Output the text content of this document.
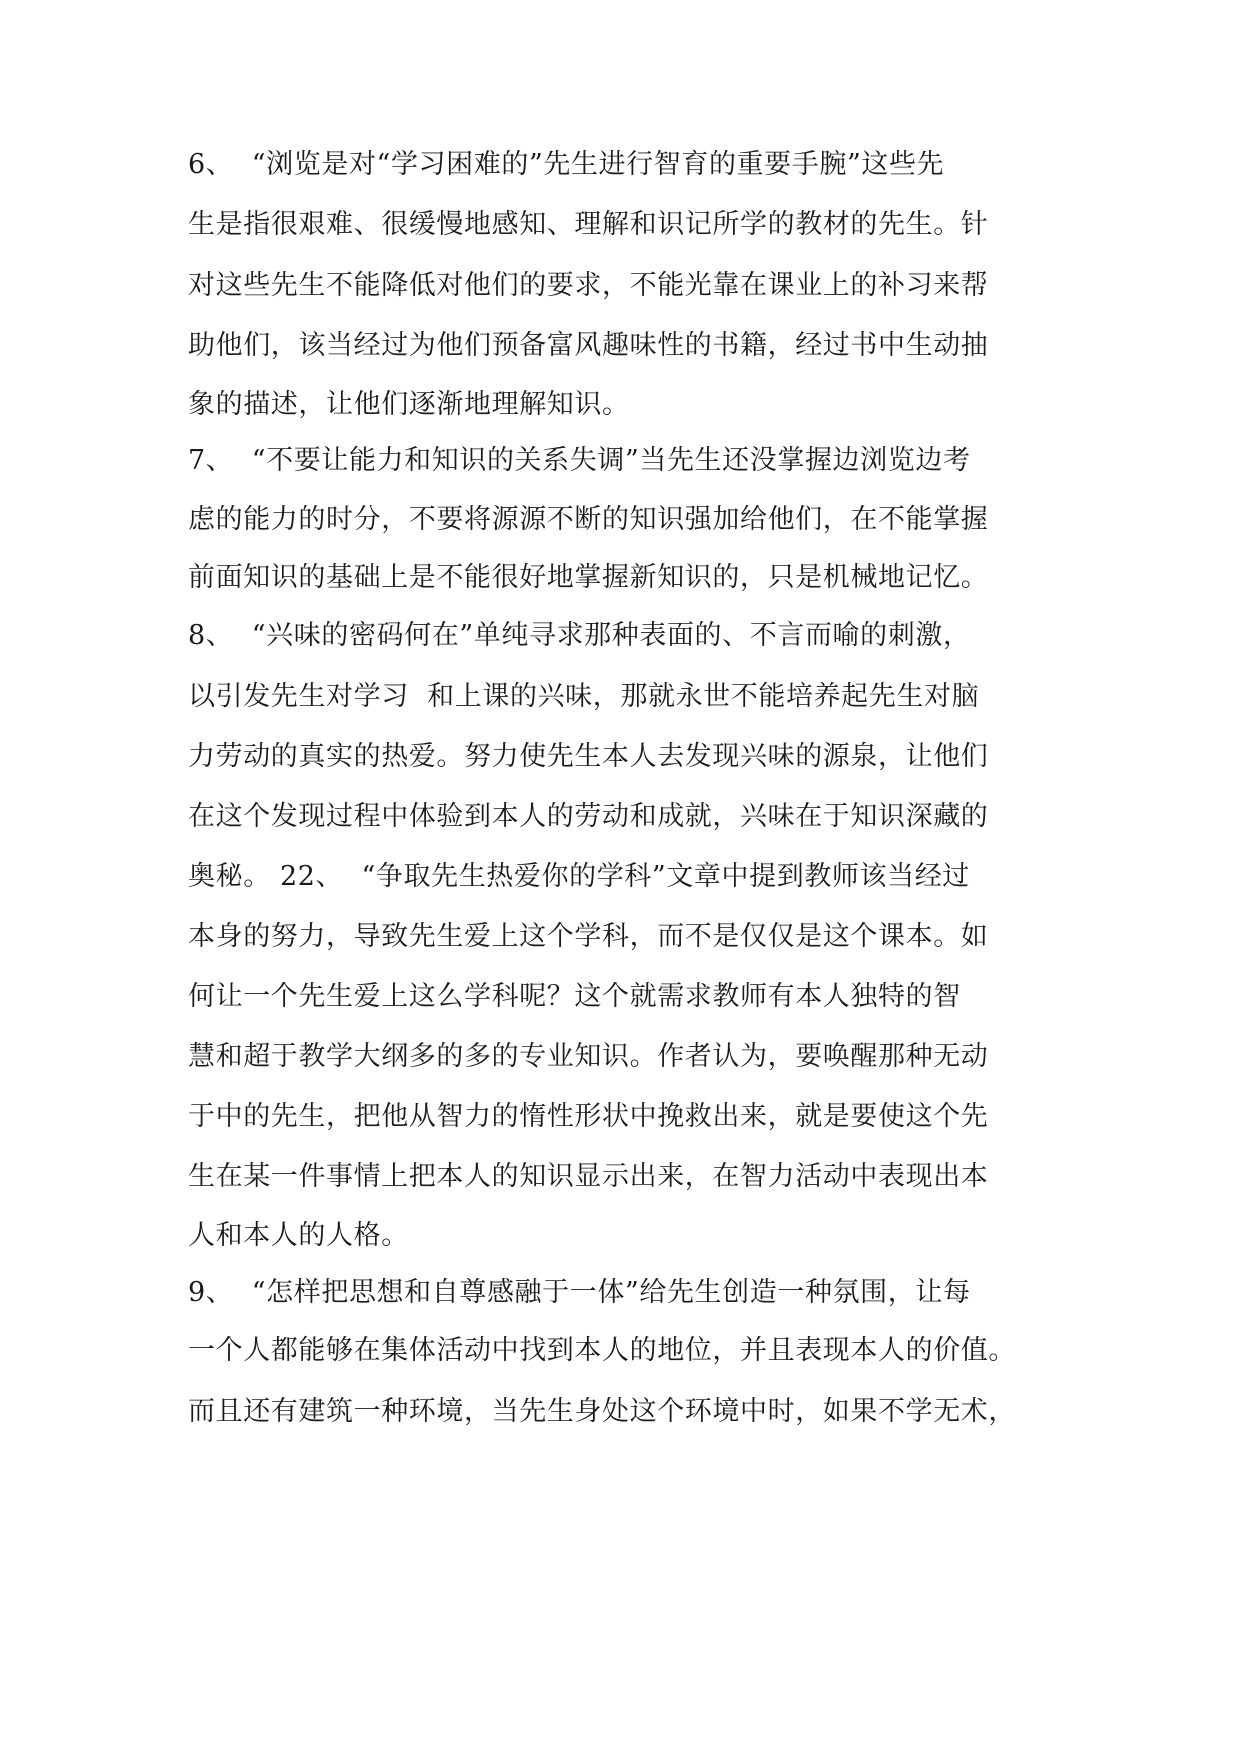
6、  “浏览是对“学习困难的”先生进行智育的重要手腕”这些先
生是指很艰难、很缓慢地感知、理解和识记所学的教材的先生。针
对这些先生不能降低对他们的要求，不能光靠在课业上的补习来帮
助他们，该当经过为他们预备富风趣味性的书籍，经过书中生动抽
象的描述，让他们逐渐地理解知识。
7、  “不要让能力和知识的关系失调”当先生还没掌握边浏览边考
虑的能力的时分，不要将源源不断的知识强加给他们，在不能掌握
前面知识的基础上是不能很好地掌握新知识的，只是机械地记忆。
8、  “兴味的密码何在”单纯寻求那种表面的、不言而喻的刺激，
以引发先生对学习  和上课的兴味，那就永世不能培养起先生对脑
力劳动的真实的热爱。努力使先生本人去发现兴味的源泉，让他们
在这个发现过程中体验到本人的劳动和成就，兴味在于知识深藏的
奥秘。 22、  “争取先生热爱你的学科”文章中提到教师该当经过
本身的努力，导致先生爱上这个学科，而不是仅仅是这个课本。如
何让一个先生爱上这么学科呢？这个就需求教师有本人独特的智
慧和超于教学大纲多的多的专业知识。作者认为，要唤醒那种无动
于中的先生，把他从智力的惰性形状中挽救出来，就是要使这个先
生在某一件事情上把本人的知识显示出来，在智力活动中表现出本
人和本人的人格。
9、  “怎样把思想和自尊感融于一体”给先生创造一种氛围，让每
一个人都能够在集体活动中找到本人的地位，并且表现本人的价值。
而且还有建筑一种环境，当先生身处这个环境中时，如果不学无术，
